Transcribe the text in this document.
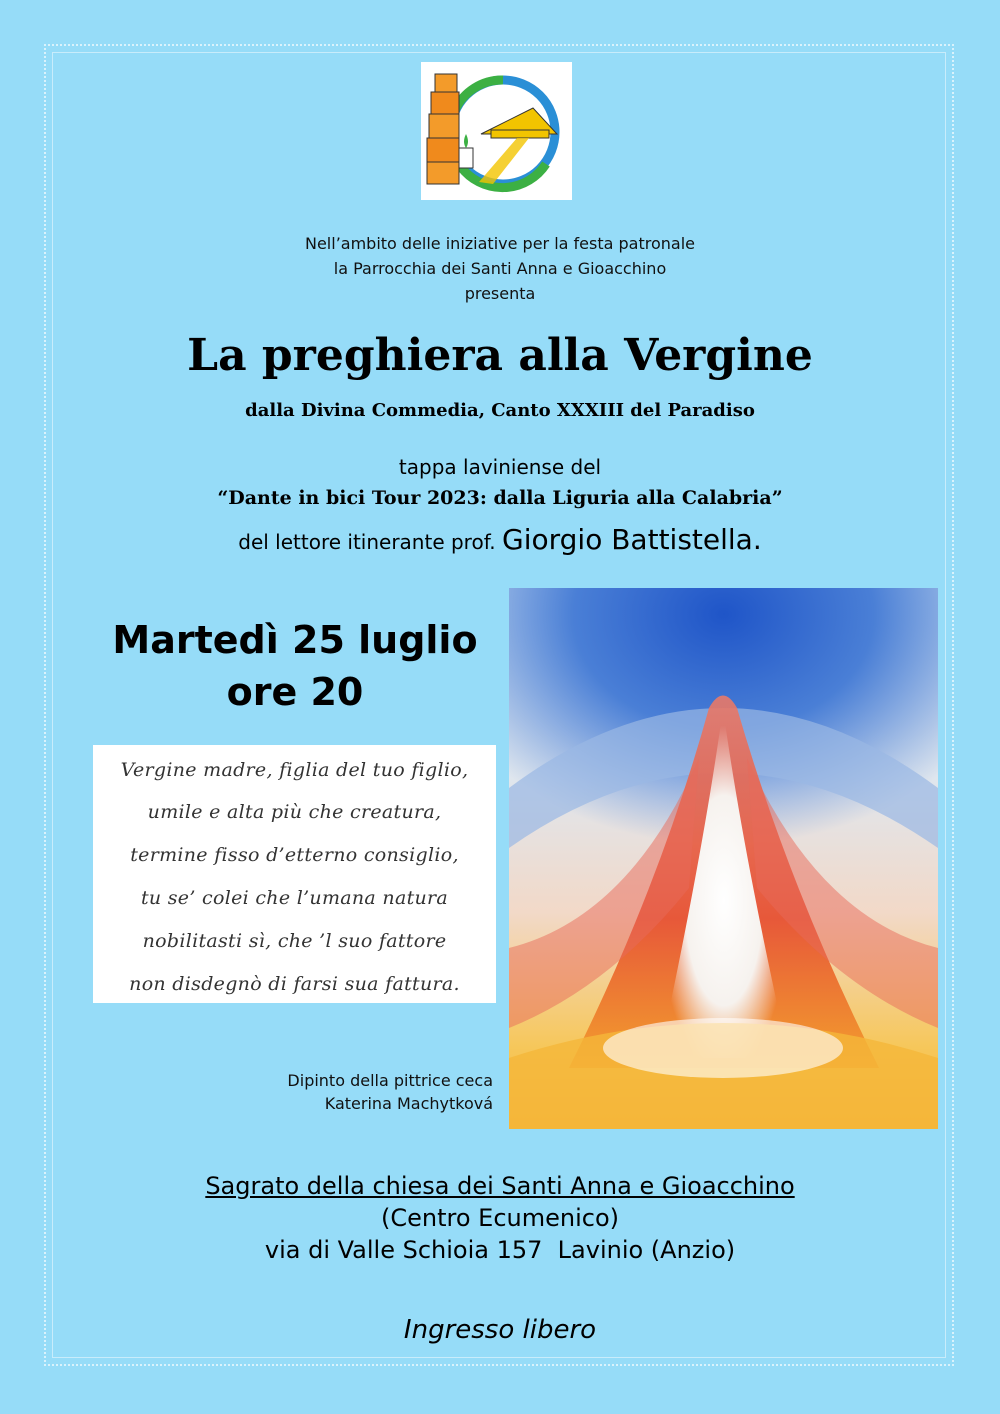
Nell’ambito delle iniziative per la festa patronale
la Parrocchia dei Santi Anna e Gioacchino
presenta
La preghiera alla Vergine
dalla Divina Commedia, Canto XXXIII del Paradiso
tappa laviniense del
“Dante in bici Tour 2023: dalla Liguria alla Calabria”
del lettore itinerante prof. Giorgio Battistella.
Martedì 25 luglio
ore 20
Vergine madre, figlia del tuo figlio,
umile e alta più che creatura,
termine fisso d’etterno consiglio,
tu se’ colei che l’umana natura
nobilitasti sì, che ’l suo fattore
non disdegnò di farsi sua fattura.
Dipinto della pittrice ceca
Katerina Machytková
Sagrato della chiesa dei Santi Anna e Gioacchino
(Centro Ecumenico)
via di Valle Schioia 157  Lavinio (Anzio)
Ingresso libero
